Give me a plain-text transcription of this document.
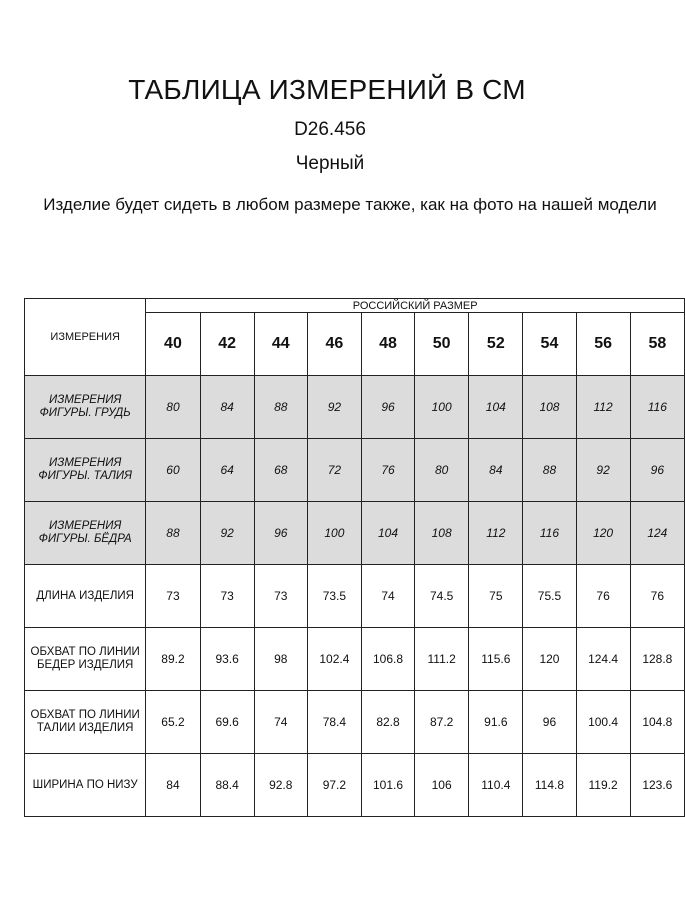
ТАБЛИЦА ИЗМЕРЕНИЙ В СМ
D26.456
Черный
Изделие будет сидеть в любом размере также, как на фото на нашей модели
ИЗМЕРЕНИЯ	РОССИЙСКИЙ РАЗМЕР									
	40	42	44	46	48	50	52	54	56	58
ИЗМЕРЕНИЯ ФИГУРЫ. ГРУДЬ	80	84	88	92	96	100	104	108	112	116
ИЗМЕРЕНИЯ ФИГУРЫ. ТАЛИЯ	60	64	68	72	76	80	84	88	92	96
ИЗМЕРЕНИЯ ФИГУРЫ. БЁДРА	88	92	96	100	104	108	112	116	120	124
ДЛИНА ИЗДЕЛИЯ	73	73	73	73.5	74	74.5	75	75.5	76	76
ОБХВАТ ПО ЛИНИИ БЕДЕР ИЗДЕЛИЯ	89.2	93.6	98	102.4	106.8	111.2	115.6	120	124.4	128.8
ОБХВАТ ПО ЛИНИИ ТАЛИИ ИЗДЕЛИЯ	65.2	69.6	74	78.4	82.8	87.2	91.6	96	100.4	104.8
ШИРИНА ПО НИЗУ	84	88.4	92.8	97.2	101.6	106	110.4	114.8	119.2	123.6
